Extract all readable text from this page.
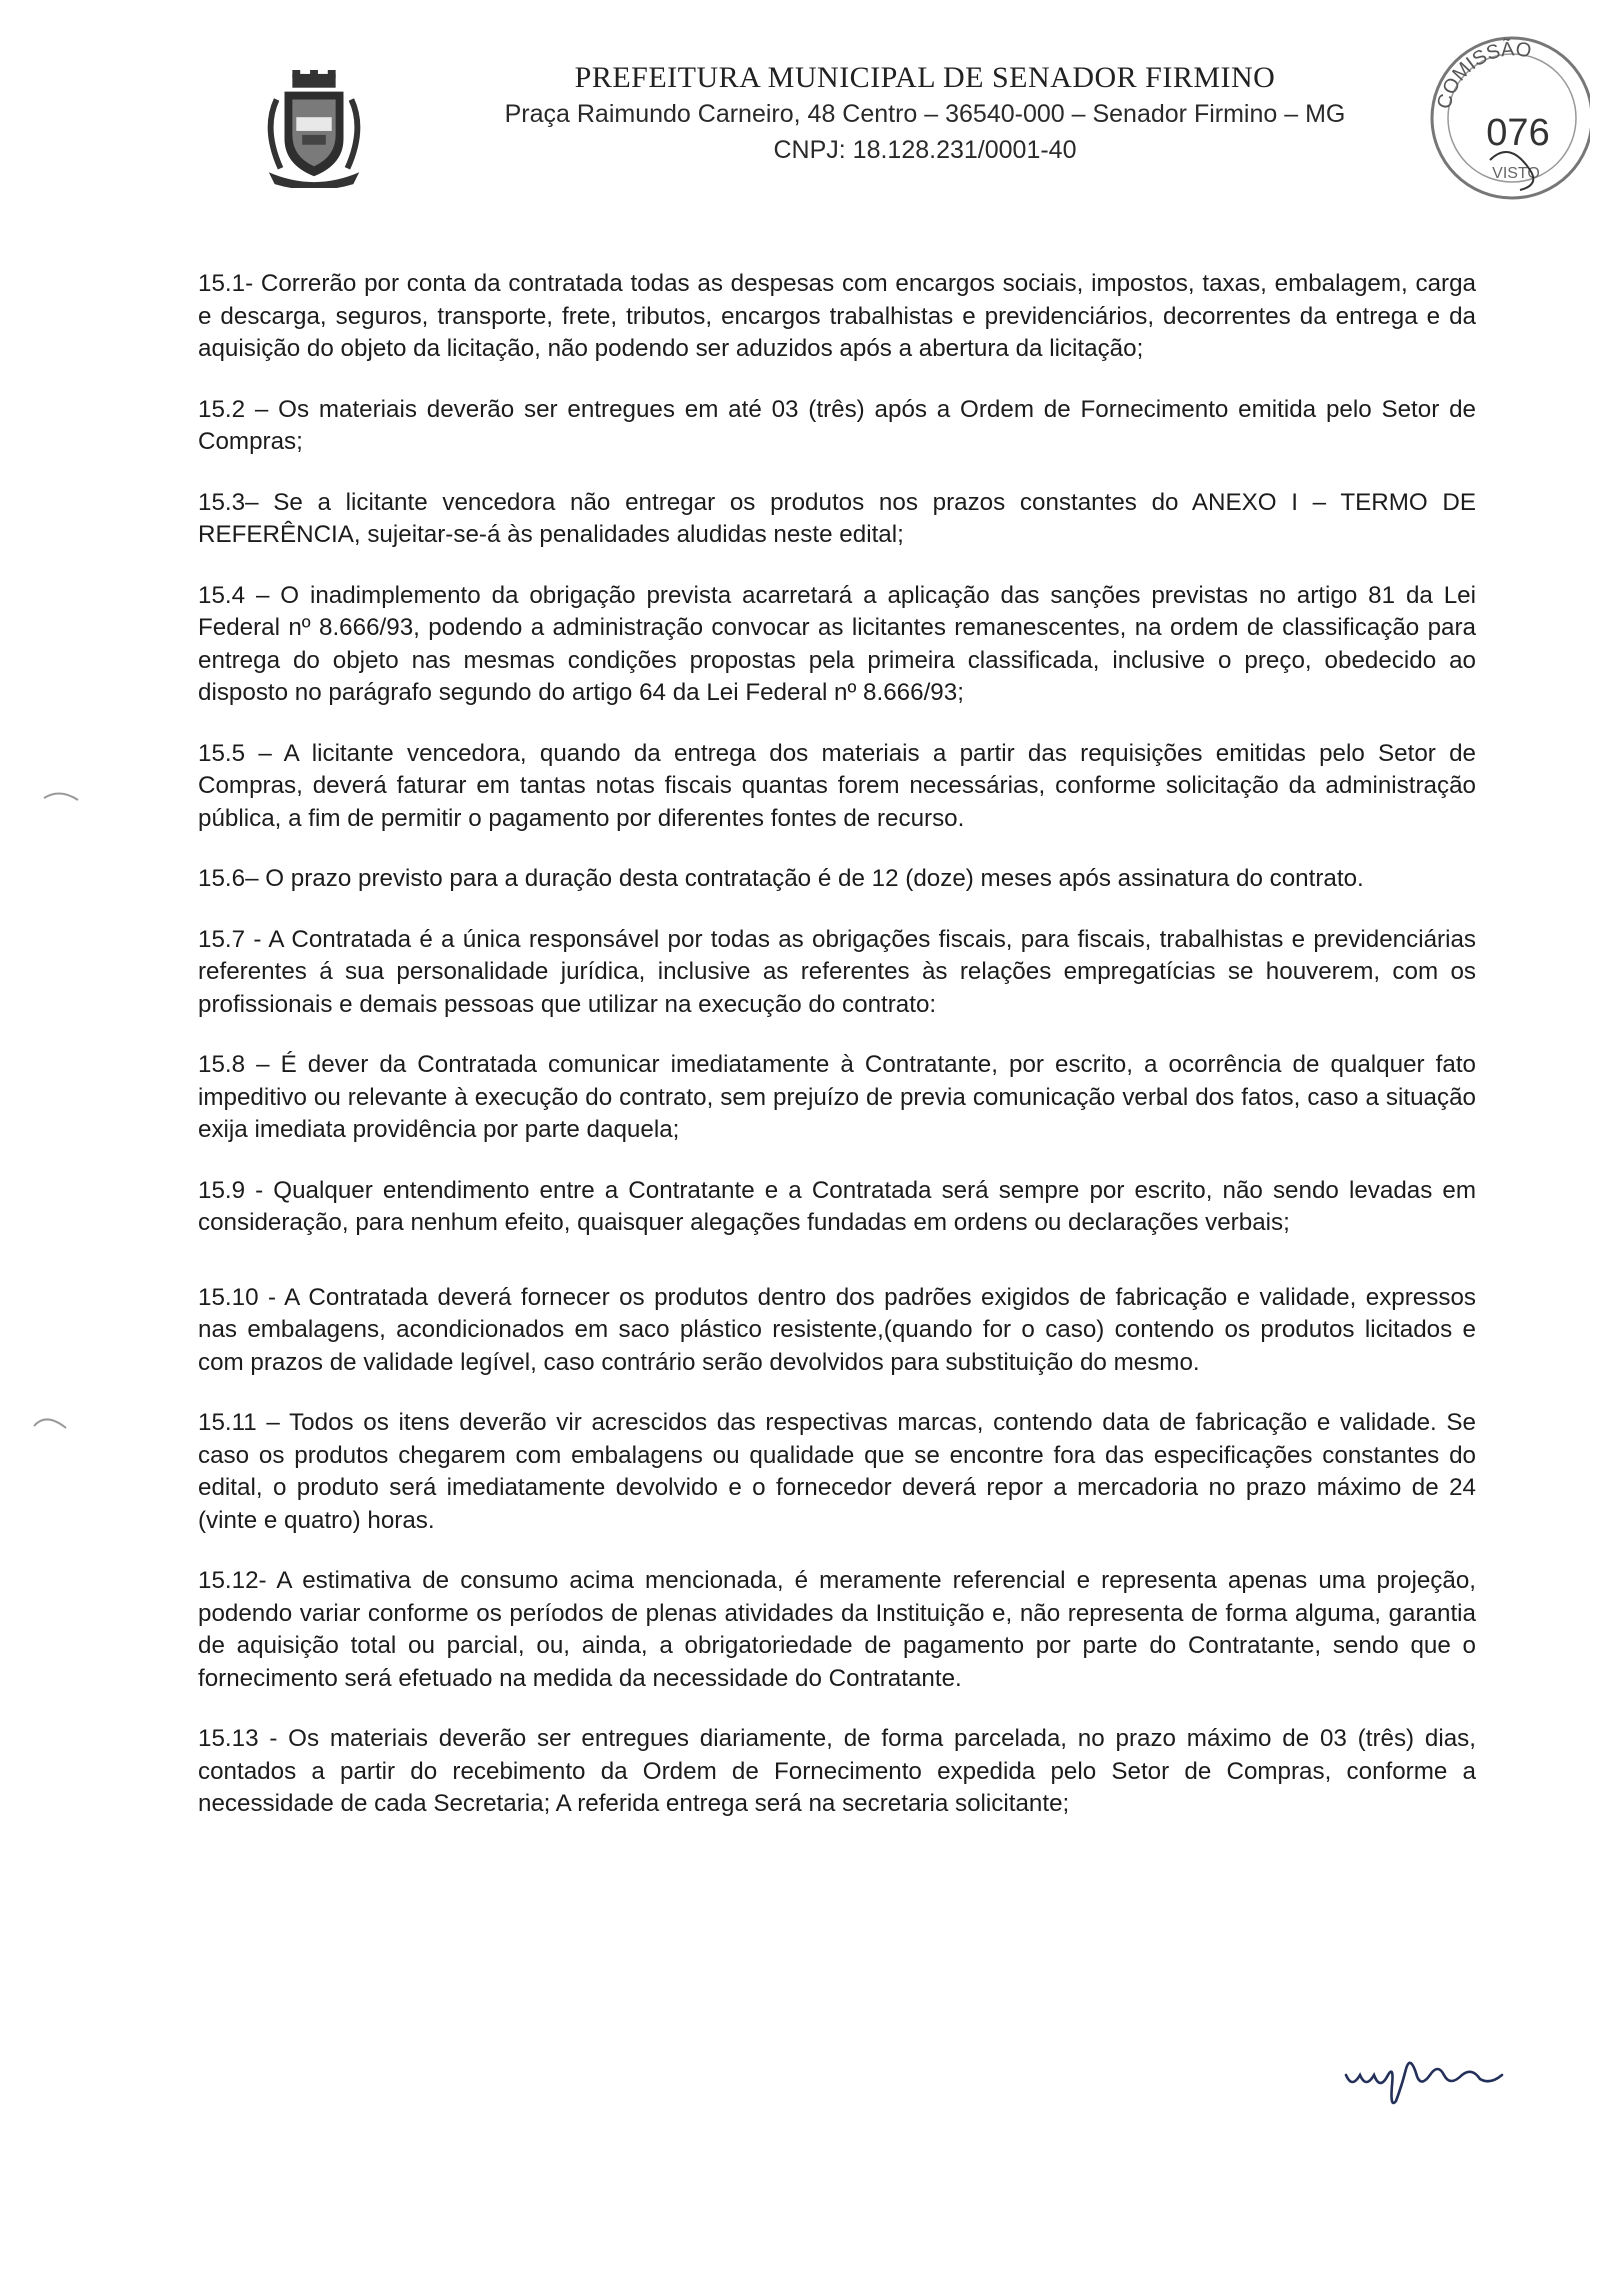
PREFEITURA MUNICIPAL DE SENADOR FIRMINO
Praça Raimundo Carneiro, 48 Centro – 36540-000 – Senador Firmino – MG
CNPJ: 18.128.231/0001-40
COMISSÃO
076
VISTO

15.1- Correrão por conta da contratada todas as despesas com encargos sociais, impostos, taxas, embalagem, carga e descarga, seguros, transporte, frete, tributos, encargos trabalhistas e previdenciários, decorrentes da entrega e da aquisição do objeto da licitação, não podendo ser aduzidos após a abertura da licitação;

15.2 – Os materiais deverão ser entregues em até 03 (três) após a Ordem de Fornecimento emitida pelo Setor de Compras;

15.3– Se a licitante vencedora não entregar os produtos nos prazos constantes do ANEXO I – TERMO DE REFERÊNCIA, sujeitar-se-á às penalidades aludidas neste edital;

15.4 – O inadimplemento da obrigação prevista acarretará a aplicação das sanções previstas no artigo 81 da Lei Federal nº 8.666/93, podendo a administração convocar as licitantes remanescentes, na ordem de classificação para entrega do objeto nas mesmas condições propostas pela primeira classificada, inclusive o preço, obedecido ao disposto no parágrafo segundo do artigo 64 da Lei Federal nº 8.666/93;

15.5 – A licitante vencedora, quando da entrega dos materiais a partir das requisições emitidas pelo Setor de Compras, deverá faturar em tantas notas fiscais quantas forem necessárias, conforme solicitação da administração pública, a fim de permitir o pagamento por diferentes fontes de recurso.

15.6– O prazo previsto para a duração desta contratação é de 12 (doze) meses após assinatura do contrato.

15.7 - A Contratada é a única responsável por todas as obrigações fiscais, para fiscais, trabalhistas e previdenciárias referentes á sua personalidade jurídica, inclusive as referentes às relações empregatícias se houverem, com os profissionais e demais pessoas que utilizar na execução do contrato:

15.8 – É dever da Contratada comunicar imediatamente à Contratante, por escrito, a ocorrência de qualquer fato impeditivo ou relevante à execução do contrato, sem prejuízo de previa comunicação verbal dos fatos, caso a situação exija imediata providência por parte daquela;

15.9 - Qualquer entendimento entre a Contratante e a Contratada será sempre por escrito, não sendo levadas em consideração, para nenhum efeito, quaisquer alegações fundadas em ordens ou declarações verbais;

15.10 - A Contratada deverá fornecer os produtos dentro dos padrões exigidos de fabricação e validade, expressos nas embalagens, acondicionados em saco plástico resistente,(quando for o caso) contendo os produtos licitados e com prazos de validade legível, caso contrário serão devolvidos para substituição do mesmo.

15.11 – Todos os itens deverão vir acrescidos das respectivas marcas, contendo data de fabricação e validade. Se caso os produtos chegarem com embalagens ou qualidade que se encontre fora das especificações constantes do edital, o produto será imediatamente devolvido e o fornecedor deverá repor a mercadoria no prazo máximo de 24 (vinte e quatro) horas.

15.12- A estimativa de consumo acima mencionada, é meramente referencial e representa apenas uma projeção, podendo variar conforme os períodos de plenas atividades da Instituição e, não representa de forma alguma, garantia de aquisição total ou parcial, ou, ainda, a obrigatoriedade de pagamento por parte do Contratante, sendo que o fornecimento será efetuado na medida da necessidade do Contratante.

15.13 - Os materiais deverão ser entregues diariamente, de forma parcelada, no prazo máximo de 03 (três) dias, contados a partir do recebimento da Ordem de Fornecimento expedida pelo Setor de Compras, conforme a necessidade de cada Secretaria; A referida entrega será na secretaria solicitante;
